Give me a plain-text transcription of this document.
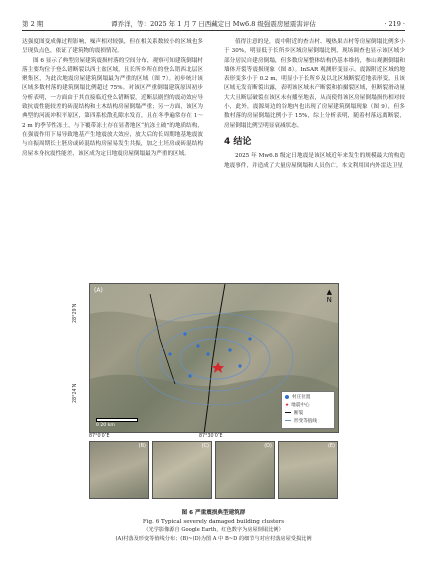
第 2 期	谭乔洋，等：2025 年 1 月 7 日西藏定日 Mw6.8 级强震房屋震害评估	· 219 ·

达强度图变成像过程影响，噪声相对较强，但在相关系数较小的区域也多呈现负点色，依证了建筑物的震损情况。

图 6 显示了典型房屋建筑震损村落的空间分布，观察可知建筑倒塌村落主要均位于登么错断裂以西土盆区域，且长所乡所在的登么错西北层区聚集区，为此次地震房屋建筑倒塌最为严重的区域（图 7）。初步统计该区域多数村落的建筑倒塌比例超过 75%。对该区严重倒塌建筑原因初步分析表明，一方面由于其直接临近登么错断裂，近断层剧烈的震动效应导致抗震性能较差的砖混结构和土木结构房屋倒塌严重；另一方面，该区为典型的河流冲积平原区，第四系松散孔隙水发育，且在冬季遍常存在 1～2 m 的季节性冻土，与下覆带冻土存在显著地区“抗冻土破”的地质结构，在强震作用下易导致地基产生地震放大效应，放大后的长周期地基地震波与自振周期长土胚房或砖混结构房屋易发生共振，加之土坯房或砖混结构房屋本身抗震性能差，该区成为定日地震房屋倒塌最为严重的区域。

值得注意的是，震中附近的查吉村、嘎热果吉村等房屋倒塌比例多小于 30%，明显低于长所乡区域房屋倒塌比例，现场调查也显示该区域少部分居民自建房倒塌，但多数房屋整体结构仍基本维持，参山观测倒塌和墙体开裂等震损现象（图 8）。InSAR 观测形变显示，震源附近区域的地表形变多小于 0.2 m，明显小于长所乡及以北区域断裂近地表形变，且该区域无发育断裂出露，表明该区域未产断裂和拍摄裂区域，但断裂滑动量大大且断层破裂在该区未有播至地表，从而使得该区房屋倒塌损伤相对较小，此外，震源周边的谷地内也出现了房屋建筑倒塌现象（图 9），但多数村落的房屋倒塌比例小于 15%，综上分析表明，随着村落远离断裂，房屋倒塌比例呈明显衰减状态。

4 结论

2025 年 Mw6.8 级定日地震是该区域近年来发生的规模最大的构造地震事件，并造成了大量房屋倒塌和人员伤亡。本文利用国内外雷达卫星

(A)	▲
N
0 20 km
村庄位置
★ 地震中心
断裂
形变等值线
28°29′N
28°24′N
87°0′0″E	87°30′0″E
(B)	(C)	(D)	(E)
图 6 严重震损典型建筑群
Fig. 6 Typical severely damaged building clusters
（光学影像源自 Google Earth，红色数字为房屋倒塌比例）
(A)村落及形变等值线分布；(B)~(D)为图 A 中 B~D 的细节与对应村落房屋受损比例
